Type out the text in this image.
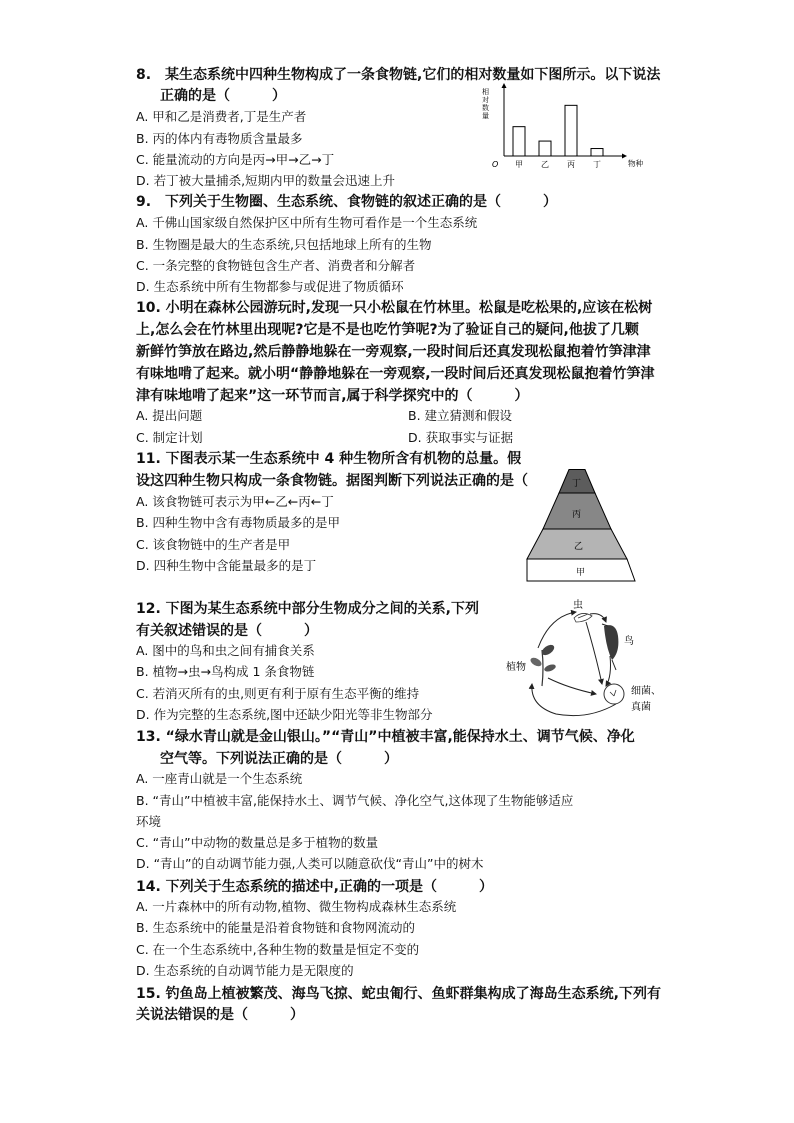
8.　某生态系统中四种生物构成了一条食物链,它们的相对数量如下图所示。以下说法
正确的是（　　　）
A. 甲和乙是消费者,丁是生产者
B. 丙的体内有毒物质含量最多
C. 能量流动的方向是丙→甲→乙→丁
D. 若丁被大量捕杀,短期内甲的数量会迅速上升
相
对
数
量
O	物种
甲 乙 丙 丁
9.　下列关于生物圈、生态系统、食物链的叙述正确的是（　　　）
A. 千佛山国家级自然保护区中所有生物可看作是一个生态系统
B. 生物圈是最大的生态系统,只包括地球上所有的生物
C. 一条完整的食物链包含生产者、消费者和分解者
D. 生态系统中所有生物都参与或促进了物质循环
10. 小明在森林公园游玩时,发现一只小松鼠在竹林里。松鼠是吃松果的,应该在松树
上,怎么会在竹林里出现呢?它是不是也吃竹笋呢?为了验证自己的疑问,他拔了几颗
新鲜竹笋放在路边,然后静静地躲在一旁观察,一段时间后还真发现松鼠抱着竹笋津津
有味地啃了起来。就小明“静静地躲在一旁观察,一段时间后还真发现松鼠抱着竹笋津
津有味地啃了起来”这一环节而言,属于科学探究中的（　　　）
A. 提出问题	B. 建立猜测和假设
C. 制定计划	D. 获取事实与证据
11. 下图表示某一生态系统中 4 种生物所含有机物的总量。假
设这四种生物只构成一条食物链。据图判断下列说法正确的是（
A. 该食物链可表示为甲←乙←丙←丁
B. 四种生物中含有毒物质最多的是甲
C. 该食物链中的生产者是甲
D. 四种生物中含能量最多的是丁
丁
丙
乙
甲
12. 下图为某生态系统中部分生物成分之间的关系,下列
有关叙述错误的是（　　　）
A. 图中的鸟和虫之间有捕食关系
B. 植物→虫→鸟构成 1 条食物链
C. 若消灭所有的虫,则更有利于原有生态平衡的维持
D. 作为完整的生态系统,图中还缺少阳光等非生物部分
虫
鸟
植物
细菌、
真菌
13. “绿水青山就是金山银山。”“青山”中植被丰富,能保持水土、调节气候、净化
空气等。下列说法正确的是（　　　）
A. 一座青山就是一个生态系统
B. “青山”中植被丰富,能保持水土、调节气候、净化空气,这体现了生物能够适应
环境
C. “青山”中动物的数量总是多于植物的数量
D. “青山”的自动调节能力强,人类可以随意砍伐“青山”中的树木
14. 下列关于生态系统的描述中,正确的一项是（　　　）
A. 一片森林中的所有动物,植物、微生物构成森林生态系统
B. 生态系统中的能量是沿着食物链和食物网流动的
C. 在一个生态系统中,各种生物的数量是恒定不变的
D. 生态系统的自动调节能力是无限度的
15. 钓鱼岛上植被繁茂、海鸟飞掠、蛇虫匍行、鱼虾群集构成了海岛生态系统,下列有
关说法错误的是（　　　）
